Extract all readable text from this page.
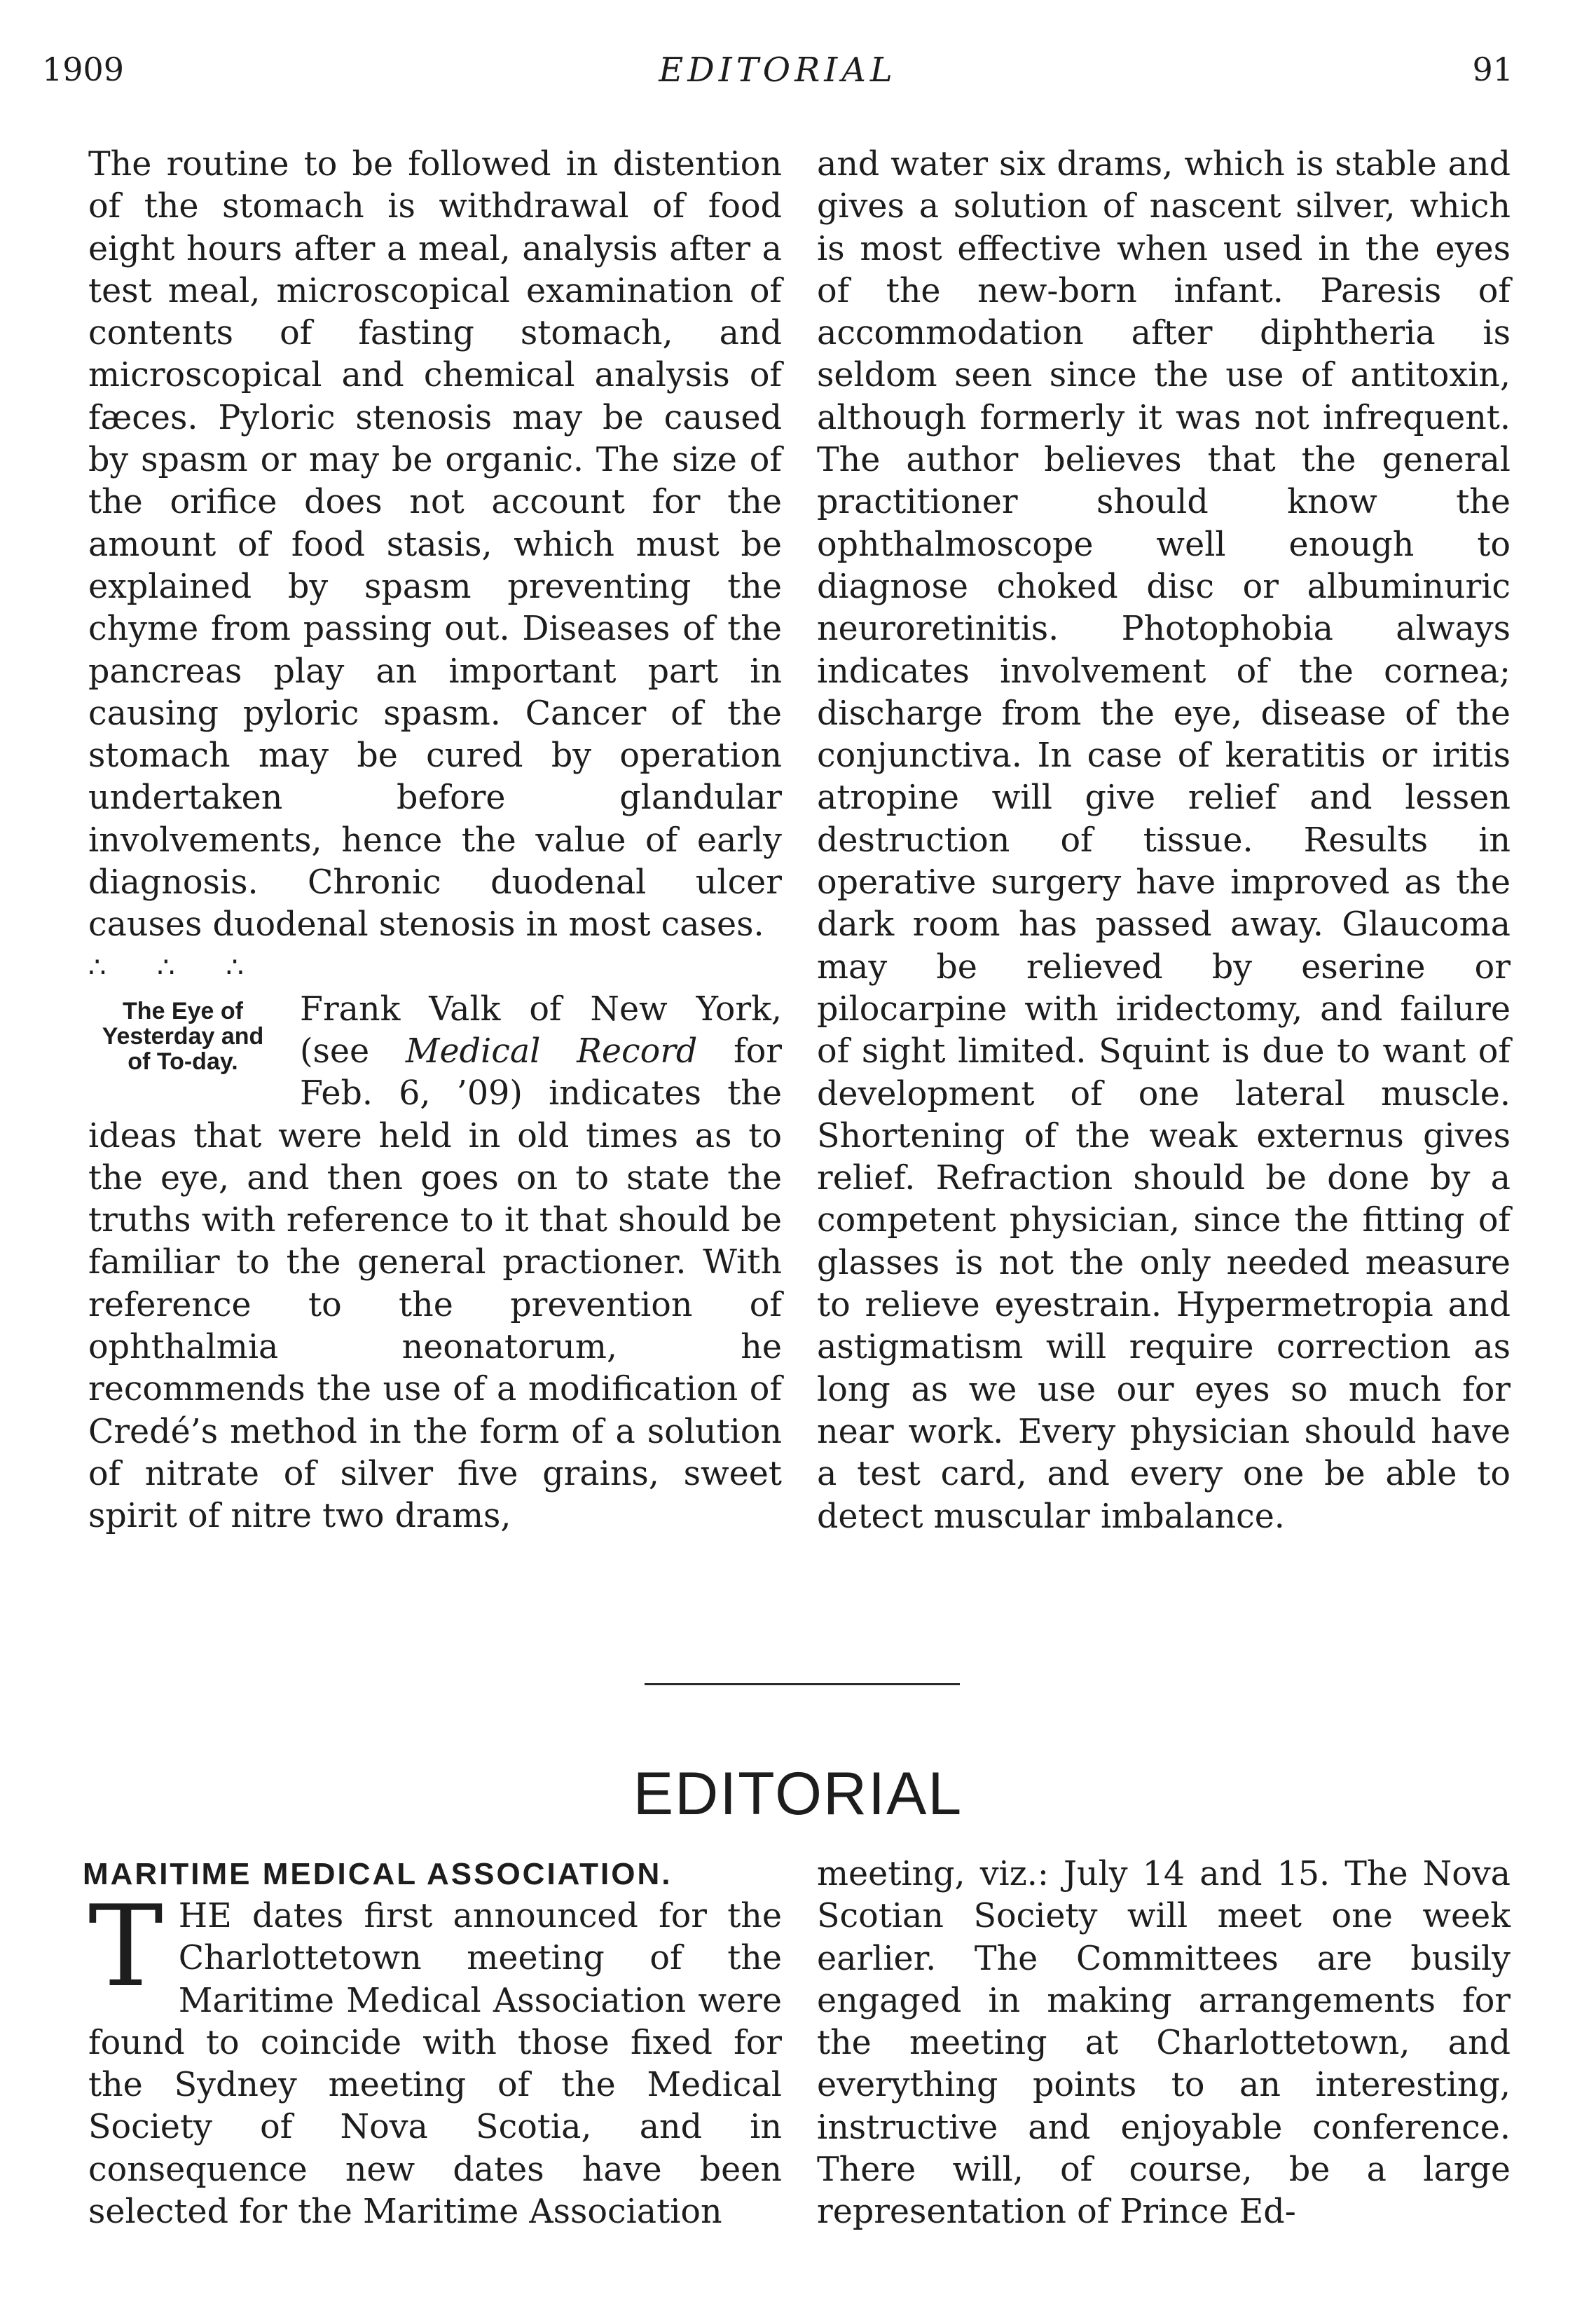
1909	EDITORIAL	91

The routine to be followed in distention of the stomach is withdrawal of food eight hours after a meal, analysis after a test meal, microscopical examination of contents of fasting stomach, and microscopical and chemical analysis of fæces. Pyloric stenosis may be caused by spasm or may be organic. The size of the orifice does not account for the amount of food stasis, which must be explained by spasm preventing the chyme from passing out. Diseases of the pancreas play an important part in causing pyloric spasm. Cancer of the stomach may be cured by operation undertaken before glandular involvements, hence the value of early diagnosis. Chronic duodenal ulcer causes duodenal stenosis in most cases.

∴ ∴ ∴

The Eye of Yesterday and of To-day.

Frank Valk of New York, (see Medical Record for Feb. 6, ’09) indicates the ideas that were held in old times as to the eye, and then goes on to state the truths with reference to it that should be familiar to the general practioner. With reference to the prevention of ophthalmia neonatorum, he recommends the use of a modification of Credé’s method in the form of a solution of nitrate of silver five grains, sweet spirit of nitre two drams,

and water six drams, which is stable and gives a solution of nascent silver, which is most effective when used in the eyes of the new-born infant. Paresis of accommodation after diphtheria is seldom seen since the use of antitoxin, although formerly it was not infrequent. The author believes that the general practitioner should know the ophthalmoscope well enough to diagnose choked disc or albuminuric neuroretinitis. Photophobia always indicates involvement of the cornea; discharge from the eye, disease of the conjunctiva. In case of keratitis or iritis atropine will give relief and lessen destruction of tissue. Results in operative surgery have improved as the dark room has passed away. Glaucoma may be relieved by eserine or pilocarpine with iridectomy, and failure of sight limited. Squint is due to want of development of one lateral muscle. Shortening of the weak externus gives relief. Refraction should be done by a competent physician, since the fitting of glasses is not the only needed measure to relieve eyestrain. Hypermetropia and astigmatism will require correction as long as we use our eyes so much for near work. Every physician should have a test card, and every one be able to detect muscular imbalance.

EDITORIAL
MARITIME MEDICAL ASSOCIATION.
T HE dates first announced for the Charlottetown meeting of the Maritime Medical Association were found to coincide with those fixed for the Sydney meeting of the Medical Society of Nova Scotia, and in consequence new dates have been selected for the Maritime Association

meeting, viz.: July 14 and 15. The Nova Scotian Society will meet one week earlier. The Committees are busily engaged in making arrangements for the meeting at Charlottetown, and everything points to an interesting, instructive and enjoyable conference. There will, of course, be a large representation of Prince Ed-
